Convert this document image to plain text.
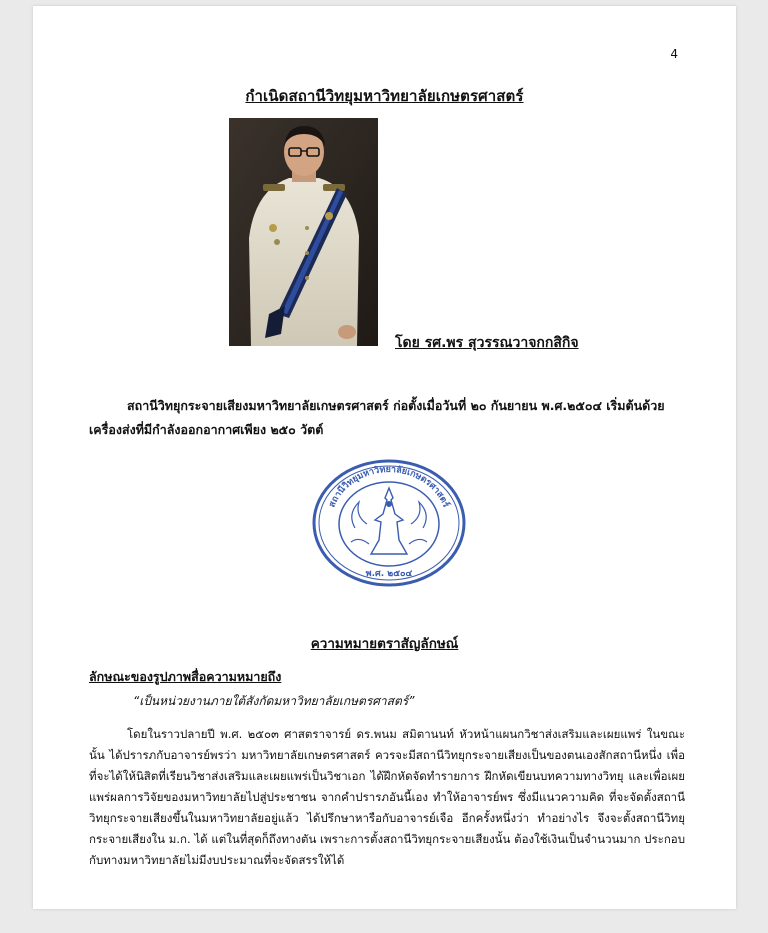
4
กำเนิดสถานีวิทยุมหาวิทยาลัยเกษตรศาสตร์
โดย รศ.พร สุวรรณวาจกกสิกิจ
สถานีวิทยุกระจายเสียงมหาวิทยาลัยเกษตรศาสตร์ ก่อตั้งเมื่อวันที่ ๒๐ กันยายน พ.ศ.๒๕๐๔ เริ่มต้นด้วยเครื่องส่งที่มีกำลังออกอากาศเพียง ๒๕๐ วัตต์
สถานีวิทยุมหาวิทยาลัยเกษตรศาสตร์
พ.ศ. ๒๕๐๔
ความหมายตราสัญลักษณ์
ลักษณะของรูปภาพสื่อความหมายถึง
“เป็นหน่วยงานภายใต้สังกัดมหาวิทยาลัยเกษตรศาสตร์”
โดยในราวปลายปี พ.ศ. ๒๕๐๓ ศาสตราจารย์ ดร.พนม สมิตานนท์ หัวหน้าแผนกวิชาส่งเสริมและเผยแพร่ ในขณะนั้น ได้ปรารภกับอาจารย์พรว่า มหาวิทยาลัยเกษตรศาสตร์ ควรจะมีสถานีวิทยุกระจายเสียงเป็นของตนเองสักสถานีหนึ่ง เพื่อที่จะได้ให้นิสิตที่เรียนวิชาส่งเสริมและเผยแพร่เป็นวิชาเอก ได้ฝึกหัดจัดทำรายการ ฝึกหัดเขียนบทความทางวิทยุ และเพื่อเผยแพร่ผลการวิจัยของมหาวิทยาลัยไปสู่ประชาชน จากคำปรารภอันนี้เอง ทำให้อาจารย์พร ซึ่งมีแนวความคิด ที่จะจัดตั้งสถานีวิทยุกระจายเสียงขึ้นในมหาวิทยาลัยอยู่แล้ว ได้ปรึกษาหารือกับอาจารย์เจือ อีกครั้งหนึ่งว่า ทำอย่างไร จึงจะตั้งสถานีวิทยุกระจายเสียงใน ม.ก. ได้ แต่ในที่สุดก็ถึงทางตัน เพราะการตั้งสถานีวิทยุกระจายเสียงนั้น ต้องใช้เงินเป็นจำนวนมาก ประกอบกับทางมหาวิทยาลัยไม่มีงบประมาณที่จะจัดสรรให้ได้
